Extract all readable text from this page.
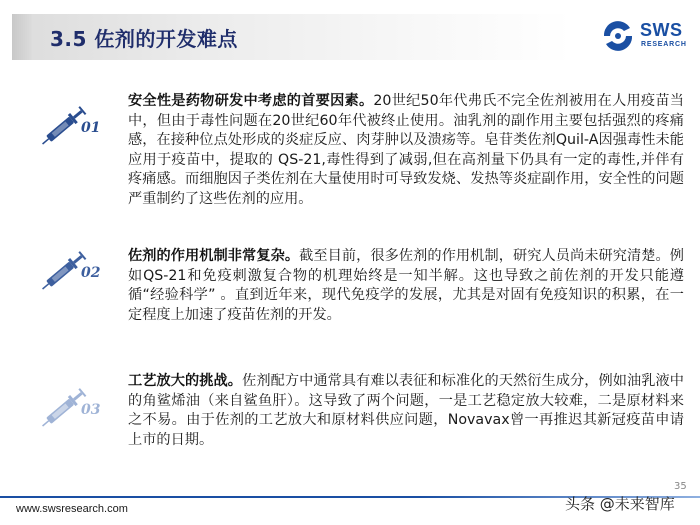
3.5 佐剂的开发难点	SWS
RESEARCH
01
安全性是药物研发中考虑的首要因素。20世纪50年代弗氏不完全佐剂被用在人用疫苗当中，但由于毒性问题在20世纪60年代被终止使用。油乳剂的副作用主要包括强烈的疼痛感，在接种位点处形成的炎症反应、肉芽肿以及溃疡等。皂苷类佐剂Quil-A因强毒性未能应用于疫苗中，提取的 QS-21,毒性得到了减弱,但在高剂量下仍具有一定的毒性,并伴有疼痛感。而细胞因子类佐剂在大量使用时可导致发烧、发热等炎症副作用，安全性的问题严重制约了这些佐剂的应用。
02
佐剂的作用机制非常复杂。截至目前，很多佐剂的作用机制，研究人员尚未研究清楚。例如QS-21和免疫刺激复合物的机理始终是一知半解。这也导致之前佐剂的开发只能遵循“经验科学” 。直到近年来，现代免疫学的发展，尤其是对固有免疫知识的积累，在一定程度上加速了疫苗佐剂的开发。
03
工艺放大的挑战。佐剂配方中通常具有难以表征和标准化的天然衍生成分，例如油乳液中的角鲨烯油（来自鲨鱼肝）。这导致了两个问题，一是工艺稳定放大较难，二是原材料来之不易。由于佐剂的工艺放大和原材料供应问题，Novavax曾一再推迟其新冠疫苗申请上市的日期。
35
www.swsresearch.com	头条 @未来智库
